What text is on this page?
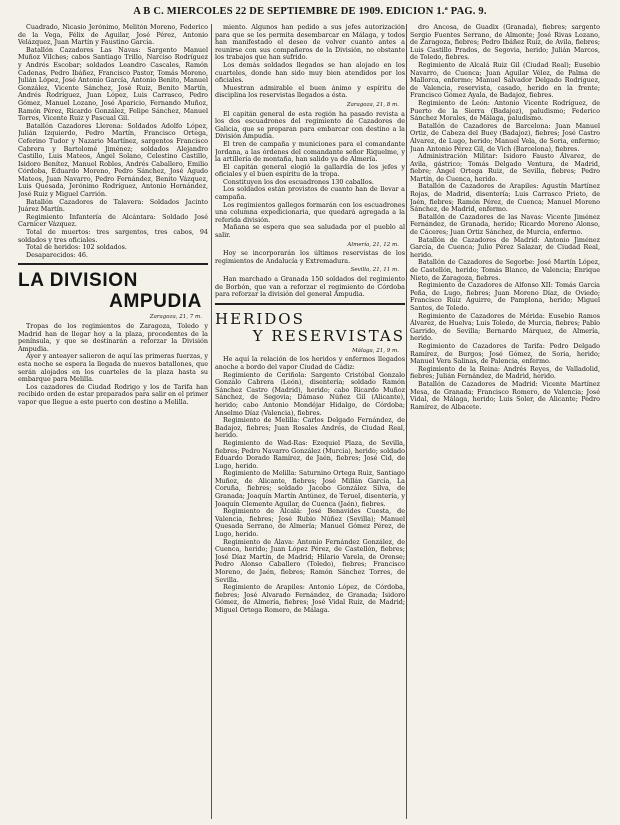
A B C. MIERCOLES 22 DE SEPTIEMBRE DE 1909. EDICION 1.ª PAG. 9.

Cuadrado, Nicasio Jerónimo, Melitón Moreno, Federico de la Vega, Félix de Aguilar, José Pérez, Antonio Velázquez, Juan Martín y Faustino García.

Batallón Cazadores Las Navas: Sargento Manuel Muñoz Vilches; cabos Santiago Trillo, Narciso Rodríguez y Andrés Escobar; soldados Leandro Cascales, Ramón Cadenas, Pedro Ibáñez, Francisco Pastor, Tomás Moreno, Julián López, José Antonio García, Antonio Benito, Manuel González, Vicente Sánchez, José Ruiz, Benito Martín, Andrés Rodríguez, Juan López, Luis Carrasco, Pedro Gómez, Manuel Lozano, José Aparicio, Fernando Muñoz, Ramón Pérez, Ricardo González, Felipe Sánchez, Manuel Torres, Vicente Ruiz y Pascual Gil.

Batallón Cazadores Llerena: Soldados Adolfo López, Julián Izquierdo, Pedro Martín, Francisco Ortega, Ceferino Tudor y Nazario Martínez, sargentos Francisco Cabrera y Bartolomé Jiménez; soldados Alejandro Castillo, Luis Mateos, Ángel Solano, Celestino Castillo, Isidoro Benítez, Manuel Robles, Andrés Caballero, Emilio Córdoba, Eduardo Moreno, Pedro Sánchez, José Agudo Mateos, Juan Navarro, Pedro Fernández, Benito Vázquez, Luis Quesada, Jerónimo Rodríguez, Antonio Hernández, José Ruiz y Miguel Carrión.

Batallón Cazadores de Talavera: Soldados Jacinto Juárez Martín.

Regimiento Infantería de Alcántara: Soldado José Carnicer Vázquez.

Total de muertos: tres sargentos, tres cabos, 94 soldados y tres oficiales.

Total de heridos: 102 soldados.

Desaparecidos: 46.

LA DIVISION
AMPUDIA
Zaragoza, 21, 7 m.

Tropas de los regimientos de Zaragoza, Toledo y Madrid han de llegar hoy a la plaza, procedentes de la península, y que se destinarán a reforzar la División Ampudia.

Ayer y anteayer salieron de aquí las primeras fuerzas, y esta noche se espera la llegada de nuevos batallones, que serán alojados en los cuarteles de la plaza hasta su embarque para Melilla.

Los cazadores de Ciudad Rodrigo y los de Tarifa han recibido orden de estar preparados para salir en el primer vapor que llegue a este puerto con destino a Melilla.

miento. Algunos han pedido a sus jefes autorización para que se les permita desembarcar en Málaga, y todos han manifestado el deseo de volver cuanto antes a reunirse con sus compañeros de la División, no obstante los trabajos que han sufrido.

Los demás soldados llegados se han alojado en los cuarteles, donde han sido muy bien atendidos por los oficiales.

Muestran admirable el buen ánimo y espíritu de disciplina los reservistas llegados a ésta.

Zaragoza, 21, 8 m.

El capitán general de esta región ha pasado revista a los dos escuadrones del regimiento de Cazadores de Galicia, que se preparan para embarcar con destino a la División Ampudia.

El tren de campaña y municiones para el comandante Jordana, a las órdenes del comandante señor Riquelme, y la artillería de montaña, han salido ya de Almería.

El capitán general elogió la gallardía de los jefes y oficiales y el buen espíritu de la tropa.

Constituyen los dos escuadrones 130 caballos.

Los soldados están provistos de cuanto han de llevar a campaña.

Los regimientos gallegos formarán con los escuadrones una columna expedicionaria, que quedará agregada a la referida división.

Mañana se espera que sea saludada por el pueblo al salir.

Almería, 21, 12 m.

Hoy se incorporarán los últimos reservistas de los regimientos de Andalucía y Extremadura.

Sevilla, 21, 11 m.

Han marchado a Granada 150 soldados del regimiento de Borbón, que van a reforzar el regimiento de Córdoba para reforzar la división del general Ampudia.

HERIDOS
Y RESERVISTAS
Málaga, 21, 9 m.

He aquí la relación de los heridos y enfermos llegados anoche a bordo del vapor Ciudad de Cádiz:

Regimiento de Ceriñola: Sargento Cristóbal Gonzalo Gonzalo Cabrera (León), disentería; soldado Ramón Sánchez Castro (Madrid), herido; cabo Ricardo Muñoz Sánchez, de Segovia; Dámaso Núñez Gil (Alicante), herido; cabo Antonio Mondéjar Hidalgo, de Córdoba; Anselmo Díaz (Valencia), fiebres.

Regimiento de Melilla: Carlos Delgado Fernández, de Badajoz, fiebres; Juan Rosales Andrés, de Ciudad Real, herido.

Regimiento de Wad-Ras: Ezequiel Plaza, de Sevilla, fiebres; Pedro Navarro González (Murcia), herido; soldado Eduardo Dorado Ramírez, de Jaén, fiebres; José Cid, de Lugo, herido.

Regimiento de Melilla: Saturnino Ortega Ruiz, Santiago Muñoz, de Alicante, fiebres; José Millán García, La Coruña, fiebres; soldado Jacobo González Silva, de Granada; Joaquín Martín Antúnez, de Teruel, disentería, y Joaquín Clemente Aguilar, de Cuenca (Jaén), fiebres.

Regimiento de Alcalá: José Benavides Cuesta, de Valencia, fiebres; José Rubio Núñez (Sevilla); Manuel Quesada Serrano, de Almería; Manuel Gómez Pérez, de Lugo, herido.

Regimiento de Álava: Antonio Fernández González, de Cuenca, herido; Juan López Pérez, de Castellón, fiebres; José Díaz Martín, de Madrid; Hilario Varela, de Orense; Pedro Alonso Caballero (Toledo), fiebres; Francisco Moreno, de Jaén, fiebres; Ramón Sánchez Torres, de Sevilla.

Regimiento de Arapiles: Antonio López, de Córdoba, fiebres; José Alvarado Fernández, de Granada; Isidoro Gómez, de Almería, fiebres; José Vidal Ruiz, de Madrid; Miguel Ortega Romero, de Málaga.

dro Ancosa, de Guadix (Granada), fiebres; sargento Sergio Fuentes Serrano, de Almonte; José Rivas Lozano, de Zaragoza, fiebres; Pedro Ibáñez Ruiz, de Avila, fiebres; Luis Castillo Prados, de Segovia, herido; Julián Marcos, de Toledo, fiebres.

Regimiento de Alcalá Ruiz Gil (Ciudad Real); Eusebio Navarro, de Cuenca; Juan Aguilar Vélez, de Palma de Mallorca, enfermo; Manuel Salvador Delgado Rodríguez, de Valencia, reservista, casado, herido en la frente; Francisco Gómez Ayala, de Badajoz, fiebres.

Regimiento de León: Antonio Vicente Rodríguez, de Puerto de la Sierra (Badajoz), paludismo; Federico Sánchez Morales, de Málaga, paludismo.

Batallón de Cazadores de Barcelona: Juan Manuel Ortiz, de Cabeza del Buey (Badajoz), fiebres; José Castro Álvarez, de Lugo, herido; Manuel Vela, de Soria, enfermo; Juan Antonio Pérez Gil, de Vich (Barcelona), fiebres.

Administración Militar: Isidoro Fausto Álvarez, de Avila, gástrico; Tomás Delgado Ventura, de Madrid, fiebre; Ángel Ortega Ruiz, de Sevilla, fiebres; Pedro Martín, de Cuenca, herido.

Batallón de Cazadores de Arapiles: Agustín Martínez Rojas, de Madrid, disentería; Luis Carrasco Prieto, de Jaén, fiebres; Ramón Pérez, de Cuenca; Manuel Moreno Sánchez, de Madrid, enfermo.

Batallón de Cazadores de las Navas: Vicente Jiménez Fernández, de Granada, herido; Ricardo Moreno Alonso, de Cáceres; Juan Ortiz Sánchez, de Murcia, enfermo.

Batallón de Cazadores de Madrid: Antonio Jiménez García, de Cuenca; Julio Pérez Salazar, de Ciudad Real, herido.

Batallón de Cazadores de Segorbe: José Martín López, de Castellón, herido; Tomás Blanco, de Valencia; Enrique Nieto, de Zaragoza, fiebres.

Regimiento de Cazadores de Alfonso XII: Tomás García Peña, de Lugo, fiebres; Juan Moreno Díaz, de Oviedo; Francisco Ruiz Aguirre, de Pamplona, herido; Miguel Santos, de Toledo.

Regimiento de Cazadores de Mérida: Eusebio Ramos Álvarez, de Huelva; Luis Toledo, de Murcia, fiebres; Pablo Garrido, de Sevilla; Bernardo Márquez, de Almería, herido.

Regimiento de Cazadores de Tarifa: Pedro Delgado Ramírez, de Burgos; José Gómez, de Soria, herido; Manuel Vera Salinas, de Palencia, enfermo.

Regimiento de la Reina: Andrés Reyes, de Valladolid, fiebres; Julián Fernández, de Madrid, herido.

Batallón de Cazadores de Madrid: Vicente Martínez Mesa, de Granada; Francisco Romero, de Valencia; José Vidal, de Málaga, herido; Luis Soler, de Alicante; Pedro Ramírez, de Albacete.
